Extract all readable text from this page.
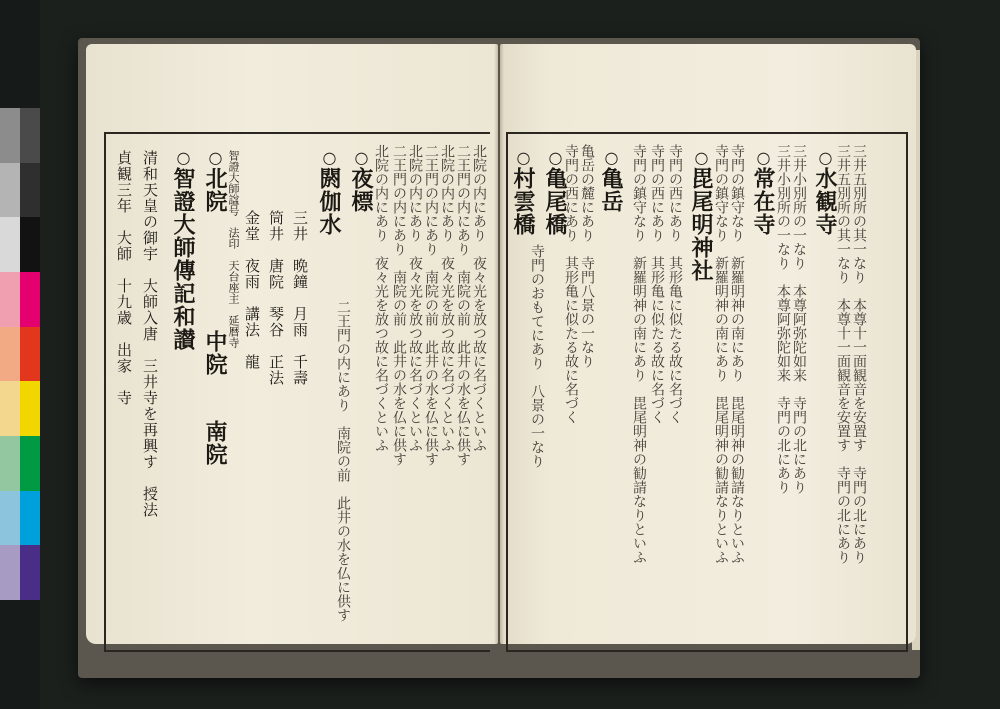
○水観寺 三井五別所の其一なり　本尊十一面観音を安置す　寺門の北にあり
三井五別所の其一なり　本尊十一面観音を安置す　寺門の北にあり
○常在寺 三井小別所の一なり　本尊阿弥陀如来　寺門の北にあり
三井小別所の一なり　本尊阿弥陀如来　寺門の北にあり
○毘尾明神社 寺門の鎮守なり　新羅明神の南にあり　毘尾明神の勧請なりといふ
寺門の鎮守なり　新羅明神の南にあり　毘尾明神の勧請なりといふ
○亀岳	寺門の西にあり　其形亀に似たる故に名づく
寺門の西にあり　其形亀に似たる故に名づく
寺門の鎮守なり　新羅明神の南にあり　毘尾明神の勧請なりといふ
○亀尾橋 亀岳の麓にあり　寺門八景の一なり
寺門の西にあり　其形亀に似たる故に名づく
○村雲橋
寺門のおもてにあり　八景の一なり
北院の内にあり　夜々光を放つ故に名づくといふ
二王門の内にあり　南院の前　此井の水を仏に供す
北院の内にあり　夜々光を放つ故に名づくといふ
二王門の内にあり　南院の前　此井の水を仏に供す
北院の内にあり　夜々光を放つ故に名づくといふ
二王門の内にあり　南院の前　此井の水を仏に供す
○夜標 北院の内にあり　夜々光を放つ故に名づくといふ
○閼伽水
二王門の内にあり　南院の前　此井の水を仏に供す
三井　晩鐘　月雨　千壽
筒井　唐院　琴谷　正法
金堂　夜雨　講法　龍
○北院
中院
南院
智證大師諡号　法印　天台座主　延暦寺
○智證大師傳記和讃
清和天皇の御宇　大師入唐　三井寺を再興す　授法
貞観三年　大師　十九歳　出家　寺
